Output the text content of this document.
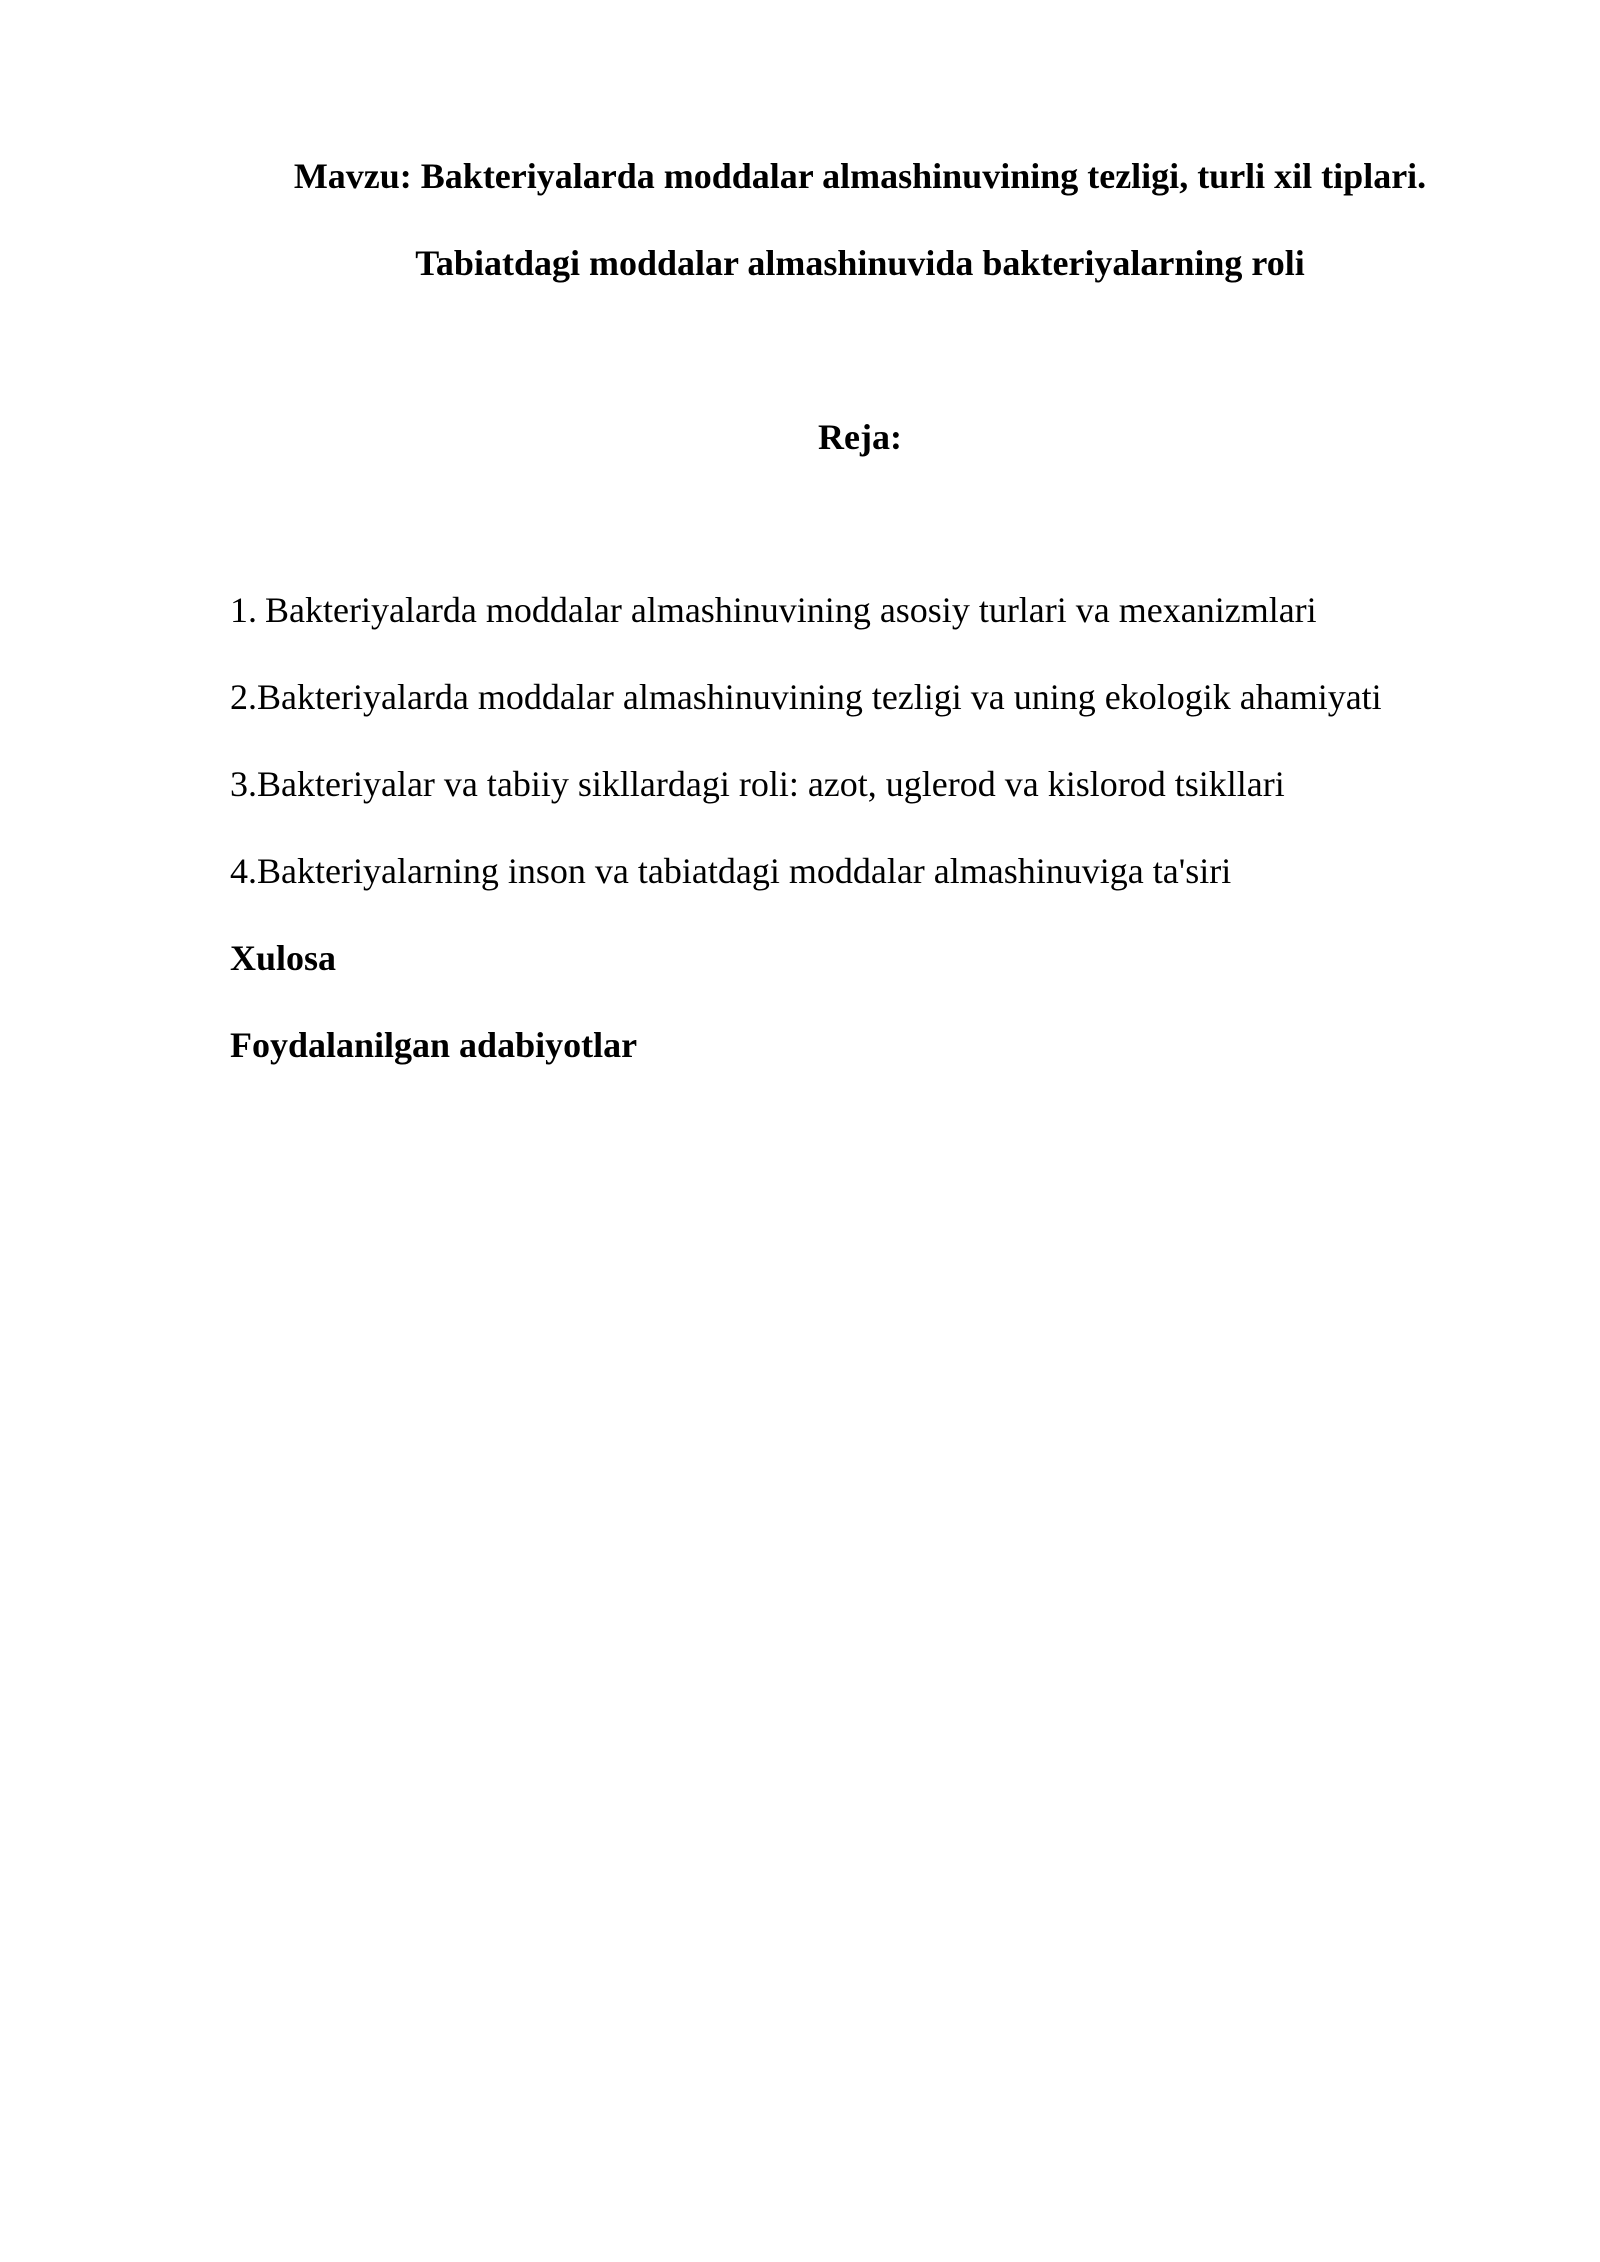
Mavzu: Bakteriyalarda moddalar almashinuvining tezligi, turli xil tiplari.
Tabiatdagi moddalar almashinuvida bakteriyalarning roli
Reja:
1. Bakteriyalarda moddalar almashinuvining asosiy turlari va mexanizmlari
2.Bakteriyalarda moddalar almashinuvining tezligi va uning ekologik ahamiyati
3.Bakteriyalar va tabiiy sikllardagi roli: azot, uglerod va kislorod tsikllari
4.Bakteriyalarning inson va tabiatdagi moddalar almashinuviga ta'siri
Xulosa
Foydalanilgan adabiyotlar
